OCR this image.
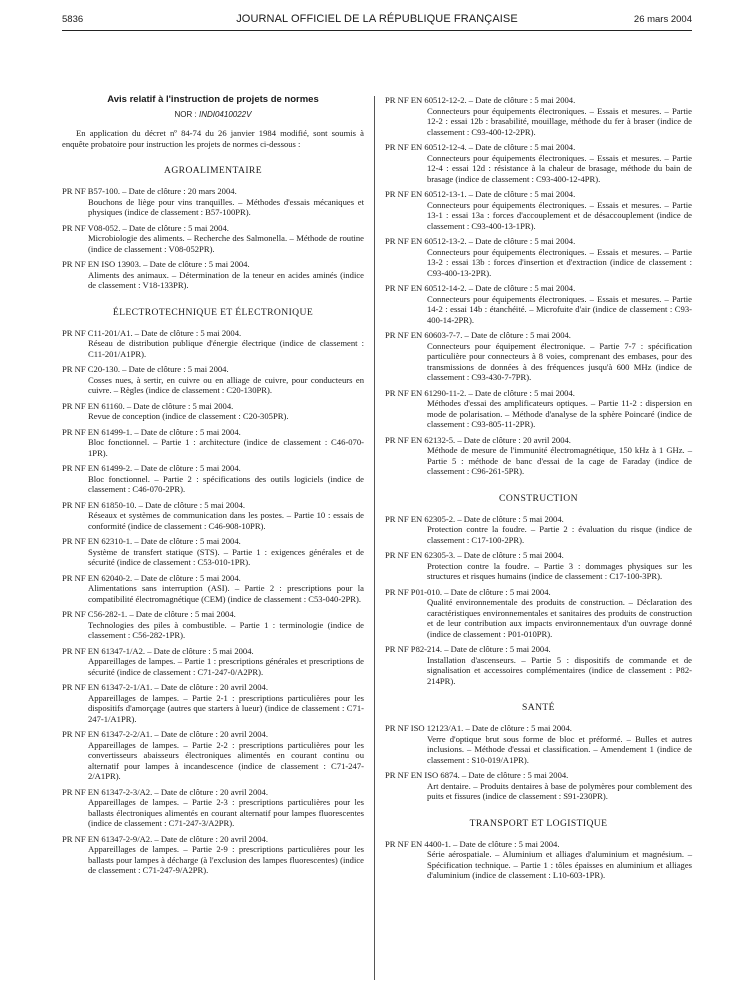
5836	JOURNAL OFFICIEL DE LA RÉPUBLIQUE FRANÇAISE	26 mars 2004

Avis relatif à l'instruction de projets de normes

NOR : INDI0410022V

En application du décret nº 84-74 du 26 janvier 1984 modifié, sont soumis à enquête probatoire pour instruction les projets de normes ci-dessous :

AGROALIMENTAIRE

PR NF B57-100. – Date de clôture : 20 mars 2004.

Bouchons de liège pour vins tranquilles. – Méthodes d'essais mécaniques et physiques (indice de classement : B57-100PR).

PR NF V08-052. – Date de clôture : 5 mai 2004.

Microbiologie des aliments. – Recherche des Salmonella. – Méthode de routine (indice de classement : V08-052PR).

PR NF EN ISO 13903. – Date de clôture : 5 mai 2004.

Aliments des animaux. – Détermination de la teneur en acides aminés (indice de classement : V18-133PR).

ÉLECTROTECHNIQUE ET ÉLECTRONIQUE

PR NF C11-201/A1. – Date de clôture : 5 mai 2004.

Réseau de distribution publique d'énergie électrique (indice de classement : C11-201/A1PR).

PR NF C20-130. – Date de clôture : 5 mai 2004.

Cosses nues, à sertir, en cuivre ou en alliage de cuivre, pour conducteurs en cuivre. – Règles (indice de classement : C20-130PR).

PR NF EN 61160. – Date de clôture : 5 mai 2004.

Revue de conception (indice de classement : C20-305PR).

PR NF EN 61499-1. – Date de clôture : 5 mai 2004.

Bloc fonctionnel. – Partie 1 : architecture (indice de classement : C46-070-1PR).

PR NF EN 61499-2. – Date de clôture : 5 mai 2004.

Bloc fonctionnel. – Partie 2 : spécifications des outils logiciels (indice de classement : C46-070-2PR).

PR NF EN 61850-10. – Date de clôture : 5 mai 2004.

Réseaux et systèmes de communication dans les postes. – Partie 10 : essais de conformité (indice de classement : C46-908-10PR).

PR NF EN 62310-1. – Date de clôture : 5 mai 2004.

Système de transfert statique (STS). – Partie 1 : exigences générales et de sécurité (indice de classement : C53-010-1PR).

PR NF EN 62040-2. – Date de clôture : 5 mai 2004.

Alimentations sans interruption (ASI). – Partie 2 : prescriptions pour la compatibilité électromagnétique (CEM) (indice de classement : C53-040-2PR).

PR NF C56-282-1. – Date de clôture : 5 mai 2004.

Technologies des piles à combustible. – Partie 1 : terminologie (indice de classement : C56-282-1PR).

PR NF EN 61347-1/A2. – Date de clôture : 5 mai 2004.

Appareillages de lampes. – Partie 1 : prescriptions générales et prescriptions de sécurité (indice de classement : C71-247-0/A2PR).

PR NF EN 61347-2-1/A1. – Date de clôture : 20 avril 2004.

Appareillages de lampes. – Partie 2-1 : prescriptions particulières pour les dispositifs d'amorçage (autres que starters à lueur) (indice de classement : C71-247-1/A1PR).

PR NF EN 61347-2-2/A1. – Date de clôture : 20 avril 2004.

Appareillages de lampes. – Partie 2-2 : prescriptions particulières pour les convertisseurs abaisseurs électroniques alimentés en courant continu ou alternatif pour lampes à incandescence (indice de classement : C71-247-2/A1PR).

PR NF EN 61347-2-3/A2. – Date de clôture : 20 avril 2004.

Appareillages de lampes. – Partie 2-3 : prescriptions particulières pour les ballasts électroniques alimentés en courant alternatif pour lampes fluorescentes (indice de classement : C71-247-3/A2PR).

PR NF EN 61347-2-9/A2. – Date de clôture : 20 avril 2004.

Appareillages de lampes. – Partie 2-9 : prescriptions particulières pour les ballasts pour lampes à décharge (à l'exclusion des lampes fluorescentes) (indice de classement : C71-247-9/A2PR).

PR NF EN 60512-12-2. – Date de clôture : 5 mai 2004.

Connecteurs pour équipements électroniques. – Essais et mesures. – Partie 12-2 : essai 12b : brasabilité, mouillage, méthode du fer à braser (indice de classement : C93-400-12-2PR).

PR NF EN 60512-12-4. – Date de clôture : 5 mai 2004.

Connecteurs pour équipements électroniques. – Essais et mesures. – Partie 12-4 : essai 12d : résistance à la chaleur de brasage, méthode du bain de brasage (indice de classement : C93-400-12-4PR).

PR NF EN 60512-13-1. – Date de clôture : 5 mai 2004.

Connecteurs pour équipements électroniques. – Essais et mesures. – Partie 13-1 : essai 13a : forces d'accouplement et de désaccouplement (indice de classement : C93-400-13-1PR).

PR NF EN 60512-13-2. – Date de clôture : 5 mai 2004.

Connecteurs pour équipements électroniques. – Essais et mesures. – Partie 13-2 : essai 13b : forces d'insertion et d'extraction (indice de classement : C93-400-13-2PR).

PR NF EN 60512-14-2. – Date de clôture : 5 mai 2004.

Connecteurs pour équipements électroniques. – Essais et mesures. – Partie 14-2 : essai 14b : étanchéité. – Microfuite d'air (indice de classement : C93-400-14-2PR).

PR NF EN 60603-7-7. – Date de clôture : 5 mai 2004.

Connecteurs pour équipement électronique. – Partie 7-7 : spécification particulière pour connecteurs à 8 voies, comprenant des embases, pour des transmissions de données à des fréquences jusqu'à 600 MHz (indice de classement : C93-430-7-7PR).

PR NF EN 61290-11-2. – Date de clôture : 5 mai 2004.

Méthodes d'essai des amplificateurs optiques. – Partie 11-2 : dispersion en mode de polarisation. – Méthode d'analyse de la sphère Poincaré (indice de classement : C93-805-11-2PR).

PR NF EN 62132-5. – Date de clôture : 20 avril 2004.

Méthode de mesure de l'immunité électromagnétique, 150 kHz à 1 GHz. – Partie 5 : méthode de banc d'essai de la cage de Faraday (indice de classement : C96-261-5PR).

CONSTRUCTION

PR NF EN 62305-2. – Date de clôture : 5 mai 2004.

Protection contre la foudre. – Partie 2 : évaluation du risque (indice de classement : C17-100-2PR).

PR NF EN 62305-3. – Date de clôture : 5 mai 2004.

Protection contre la foudre. – Partie 3 : dommages physiques sur les structures et risques humains (indice de classement : C17-100-3PR).

PR NF P01-010. – Date de clôture : 5 mai 2004.

Qualité environnementale des produits de construction. – Déclaration des caractéristiques environnementales et sanitaires des produits de construction et de leur contribution aux impacts environnementaux d'un ouvrage donné (indice de classement : P01-010PR).

PR NF P82-214. – Date de clôture : 5 mai 2004.

Installation d'ascenseurs. – Partie 5 : dispositifs de commande et de signalisation et accessoires complémentaires (indice de classement : P82-214PR).

SANTÉ

PR NF ISO 12123/A1. – Date de clôture : 5 mai 2004.

Verre d'optique brut sous forme de bloc et préformé. – Bulles et autres inclusions. – Méthode d'essai et classification. – Amendement 1 (indice de classement : S10-019/A1PR).

PR NF EN ISO 6874. – Date de clôture : 5 mai 2004.

Art dentaire. – Produits dentaires à base de polymères pour comblement des puits et fissures (indice de classement : S91-230PR).

TRANSPORT ET LOGISTIQUE

PR NF EN 4400-1. – Date de clôture : 5 mai 2004.

Série aérospatiale. – Aluminium et alliages d'aluminium et magnésium. – Spécification technique. – Partie 1 : tôles épaisses en aluminium et alliages d'aluminium (indice de classement : L10-603-1PR).
